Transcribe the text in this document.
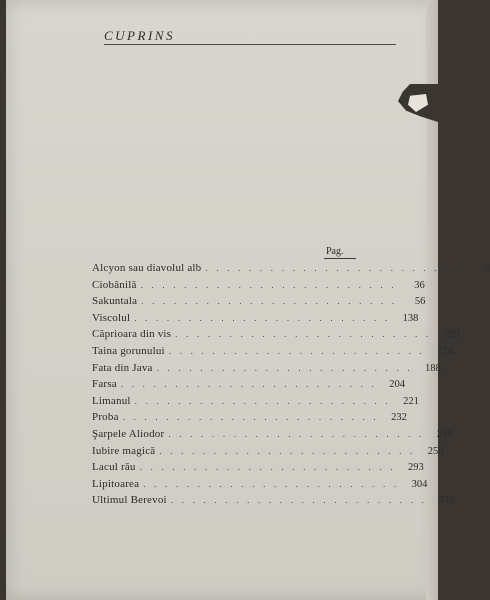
CUPRINS
Pag.
Alcyon sau diavolul alb . . . . . . . . . . . . . . . . . . . . . . . .	5
Ciobănilă . . . . . . . . . . . . . . . . . . . . . . . .	36
Sakuntala . . . . . . . . . . . . . . . . . . . . . . . .	56
Viscolul . . . . . . . . . . . . . . . . . . . . . . . .	138
Căprioara din vis . . . . . . . . . . . . . . . . . . . . . . . .	159
Taina gorunului . . . . . . . . . . . . . . . . . . . . . . . .	174
Fata din Java . . . . . . . . . . . . . . . . . . . . . . . .	188
Farsa . . . . . . . . . . . . . . . . . . . . . . . .	204
Limanul . . . . . . . . . . . . . . . . . . . . . . . .	221
Proba . . . . . . . . . . . . . . . . . . . . . . . .	232
Şarpele Aliodor . . . . . . . . . . . . . . . . . . . . . . . .	246
Iubire magică . . . . . . . . . . . . . . . . . . . . . . . .	259
Lacul rău . . . . . . . . . . . . . . . . . . . . . . . .	293
Lipitoarea . . . . . . . . . . . . . . . . . . . . . . . .	304
Ultimul Berevoi . . . . . . . . . . . . . . . . . . . . . . . .	316
